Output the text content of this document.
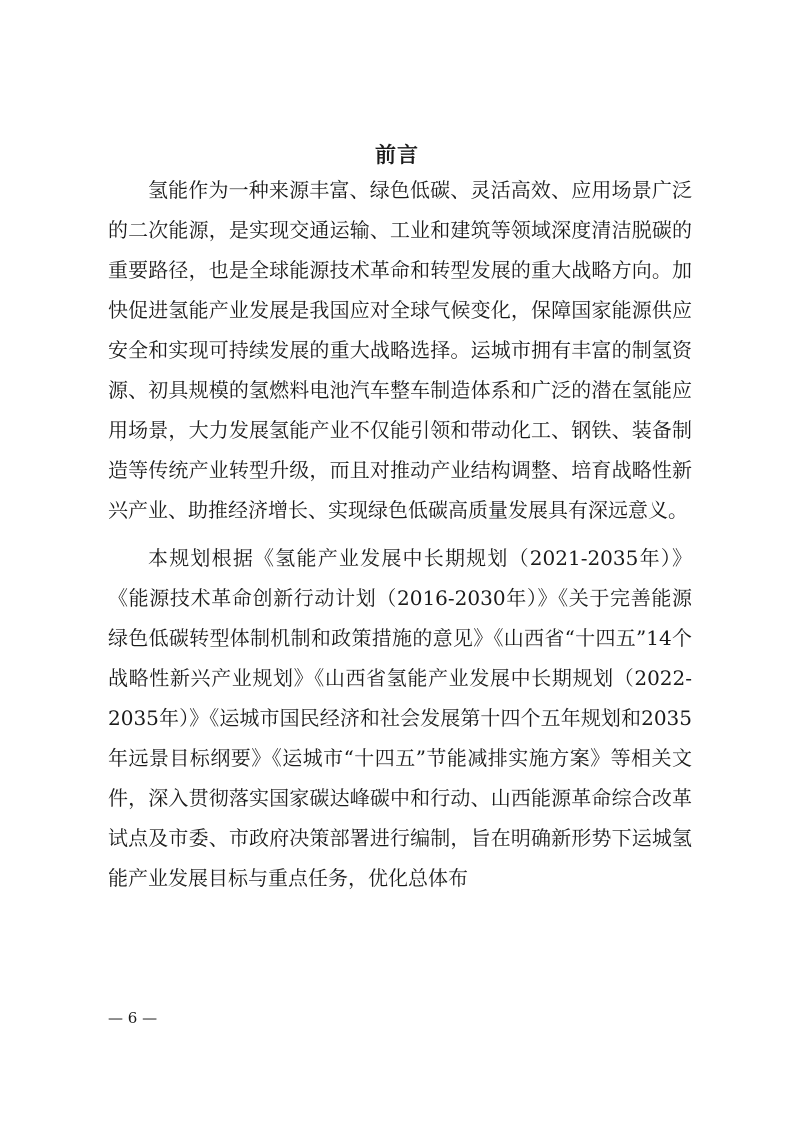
前言

氢能作为一种来源丰富、绿色低碳、灵活高效、应用场景广泛的二次能源，是实现交通运输、工业和建筑等领域深度清洁脱碳的重要路径，也是全球能源技术革命和转型发展的重大战略方向。加快促进氢能产业发展是我国应对全球气候变化，保障国家能源供应安全和实现可持续发展的重大战略选择。运城市拥有丰富的制氢资源、初具规模的氢燃料电池汽车整车制造体系和广泛的潜在氢能应用场景，大力发展氢能产业不仅能引领和带动化工、钢铁、装备制造等传统产业转型升级，而且对推动产业结构调整、培育战略性新兴产业、助推经济增长、实现绿色低碳高质量发展具有深远意义。

本规划根据《氢能产业发展中长期规划（2021-2035年）》《能源技术革命创新行动计划（2016-2030年）》《关于完善能源绿色低碳转型体制机制和政策措施的意见》《山西省“十四五”14个战略性新兴产业规划》《山西省氢能产业发展中长期规划（2022-2035年）》《运城市国民经济和社会发展第十四个五年规划和2035年远景目标纲要》《运城市“十四五”节能减排实施方案》等相关文件，深入贯彻落实国家碳达峰碳中和行动、山西能源革命综合改革试点及市委、市政府决策部署进行编制，旨在明确新形势下运城氢能产业发展目标与重点任务，优化总体布

— 6 —
